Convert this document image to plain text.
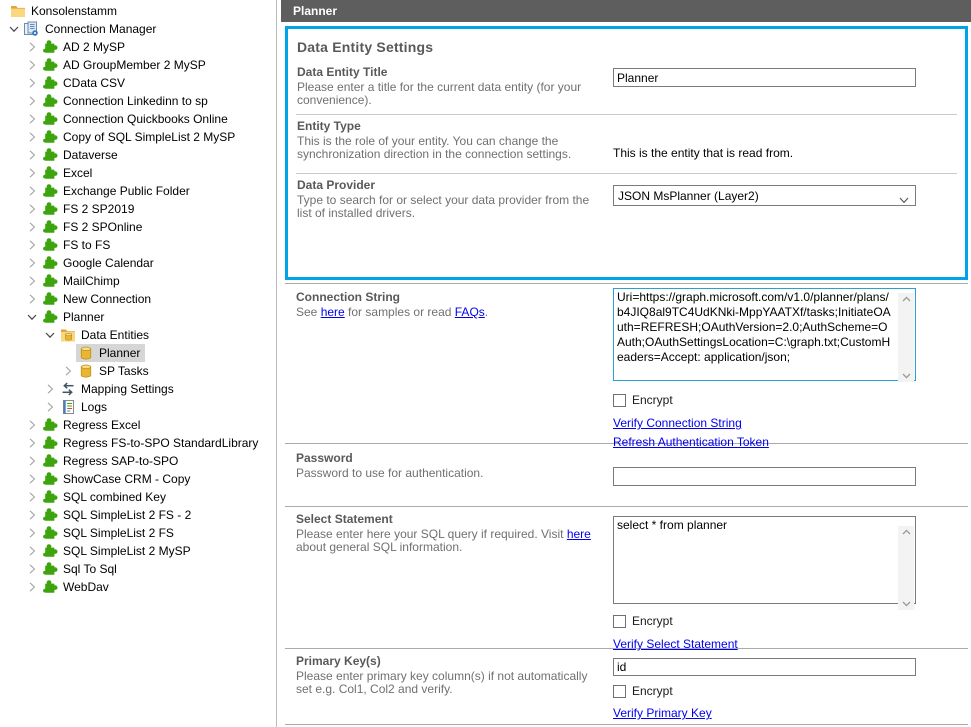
Konsolenstamm
Connection Manager
AD 2 MySP
AD GroupMember 2 MySP
CData CSV
Connection Linkedinn to sp
Connection Quickbooks Online
Copy of SQL SimpleList 2 MySP
Dataverse
Excel
Exchange Public Folder
FS 2 SP2019
FS 2 SPOnline
FS to FS
Google Calendar
MailChimp
New Connection
Planner
Data Entities
Planner
SP Tasks
Mapping Settings
Logs
Regress Excel
Regress FS-to-SPO StandardLibrary
Regress SAP-to-SPO
ShowCase CRM - Copy
SQL combined Key
SQL SimpleList 2 FS - 2
SQL SimpleList 2 FS
SQL SimpleList 2 MySP
Sql To Sql
WebDav
Planner
Data Entity Settings
Data Entity Title
Please enter a title for the current data entity (for your convenience).
Planner
Entity Type
This is the role of your entity. You can change the synchronization direction in the connection settings.	This is the entity that is read from.
Data Provider
Type to search for or select your data provider from the list of installed drivers.
JSON MsPlanner (Layer2)
Connection String
See here for samples or read FAQs.
Uri=https://graph.microsoft.com/v1.0/planner/plans/b4JIQ8al9TC4UdKNki-MppYAATXf/tasks;InitiateOAuth=REFRESH;OAuthVersion=2.0;AuthScheme=OAuth;OAuthSettingsLocation=C:\graph.txt;CustomHeaders=Accept: application/json;
Encrypt
Verify Connection String
Refresh Authentication Token
Password
Password to use for authentication.
Select Statement
Please enter here your SQL query if required. Visit here about general SQL information.
select * from planner
Encrypt
Verify Select Statement
Primary Key(s)
Please enter primary key column(s) if not automatically set e.g. Col1, Col2 and verify.
id	Encrypt
Verify Primary Key
